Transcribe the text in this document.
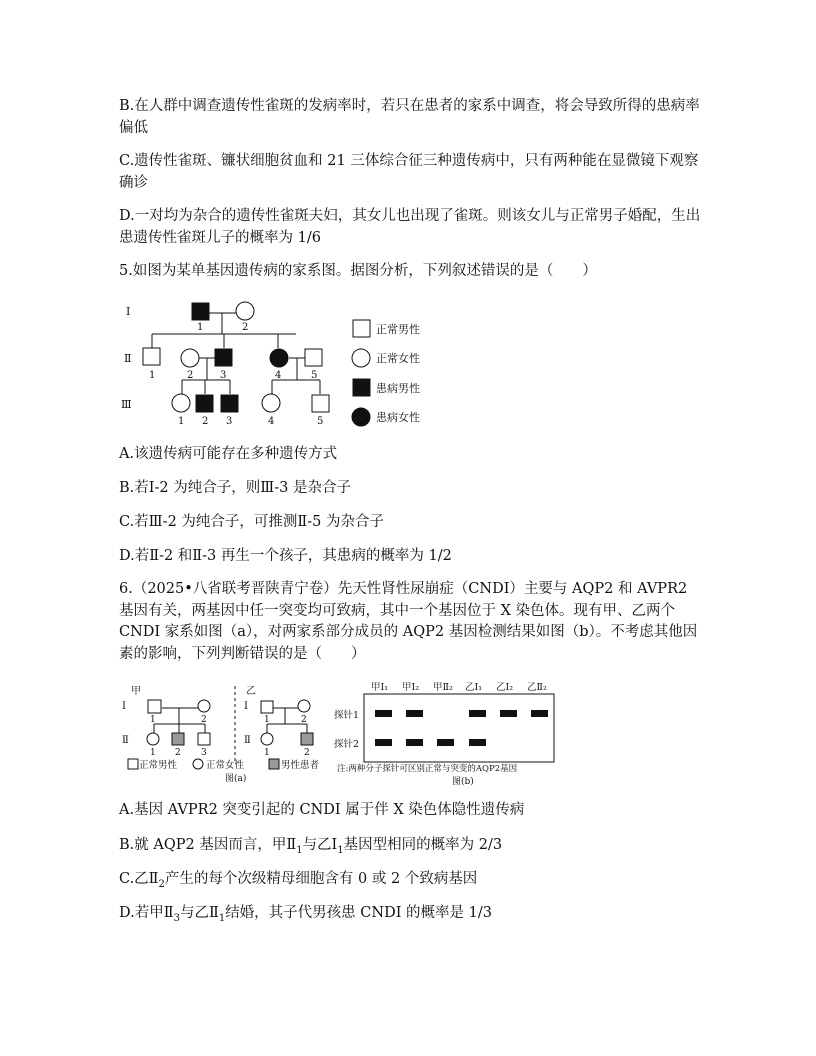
B.在人群中调查遗传性雀斑的发病率时，若只在患者的家系中调查，将会导致所得的患病率偏低
C.遗传性雀斑、镰状细胞贫血和 21 三体综合征三种遗传病中，只有两种能在显微镜下观察确诊
D.一对均为杂合的遗传性雀斑夫妇，其女儿也出现了雀斑。则该女儿与正常男子婚配，生出患遗传性雀斑儿子的概率为 1/6
5.如图为某单基因遗传病的家系图。据图分析，下列叙述错误的是（　　）
Ⅰ
Ⅱ
Ⅲ
1	2
1	2	3	4	5
1 2 3	4	5
正常男性
正常女性
患病男性
患病女性
A.该遗传病可能存在多种遗传方式
B.若Ⅰ-2 为纯合子，则Ⅲ-3 是杂合子
C.若Ⅲ-2 为纯合子，可推测Ⅱ-5 为杂合子
D.若Ⅱ-2 和Ⅱ-3 再生一个孩子，其患病的概率为 1/2
6.（2025•八省联考晋陕青宁卷）先天性肾性尿崩症（CNDI）主要与 AQP2 和 AVPR2 基因有关，两基因中任一突变均可致病，其中一个基因位于 X 染色体。现有甲、乙两个 CNDI 家系如图（a），对两家系部分成员的 AQP2 基因检测结果如图（b）。不考虑其他因素的影响，下列判断错误的是（　　）
甲
Ⅰ
Ⅱ
1	2
1 2 3
乙
Ⅰ
Ⅱ
1	2
1	2
正常男性	正常女性	男性患者
图(a)
甲Ⅰ₁ 甲Ⅰ₂ 甲Ⅱ₂ 乙Ⅰ₁ 乙Ⅰ₂ 乙Ⅱ₂
探针1
探针2
注:两种分子探针可区别正常与突变的AQP2基因
图(b)
A.基因 AVPR2 突变引起的 CNDI 属于伴 X 染色体隐性遗传病
B.就 AQP2 基因而言，甲$Ⅱ_1$与乙$Ⅰ_1$基因型相同的概率为 2/3
C.乙$Ⅱ_2$产生的每个次级精母细胞含有 0 或 2 个致病基因
D.若甲$Ⅱ_3$与乙$Ⅱ_1$结婚，其子代男孩患 CNDI 的概率是 1/3
